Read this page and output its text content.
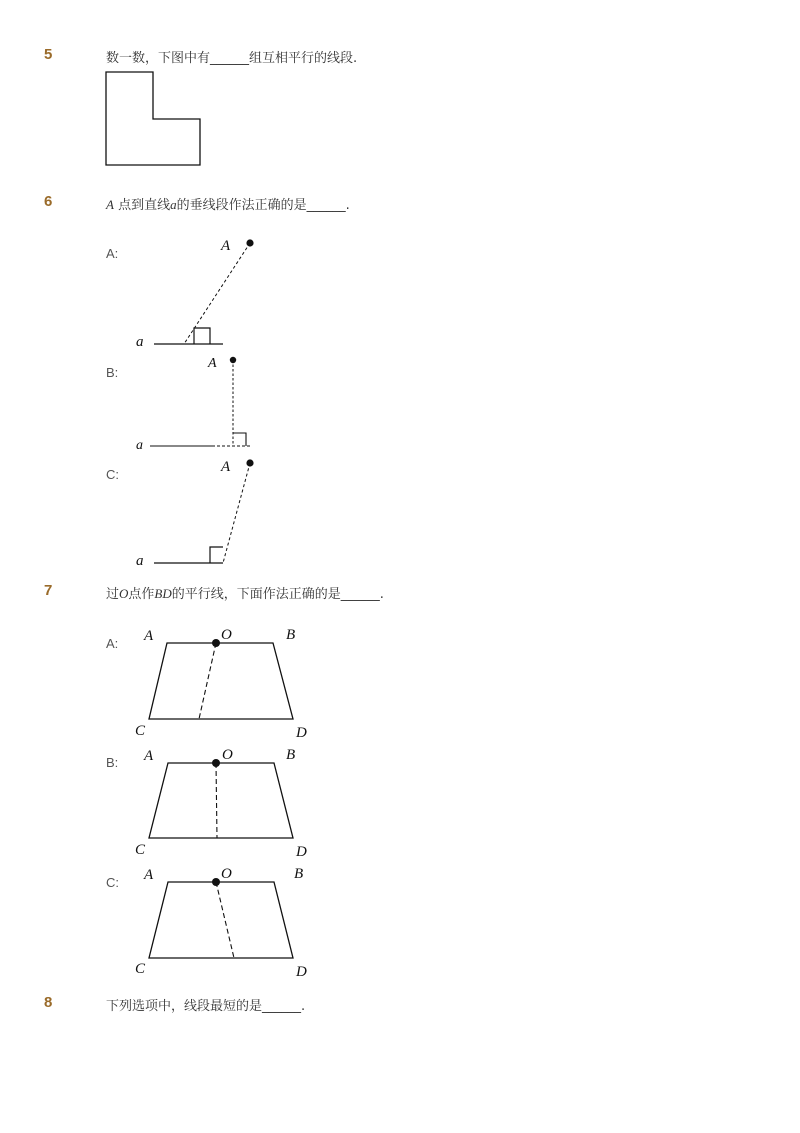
5	数一数，下图中有______组互相平行的线段.
6	A 点到直线a的垂线段作法正确的是______.
A:	A
a
B:
A
a
C:	A
a
7	过O点作BD的平行线，下面作法正确的是______.
A: A	O	B
C	D
B: A	O	B
C	D
C: A	O	B
C	D
8	下列选项中，线段最短的是______.
